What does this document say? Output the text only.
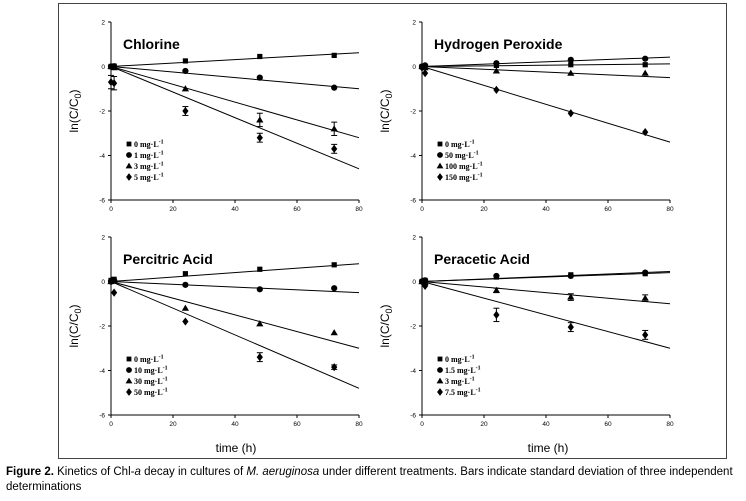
time (h)	time (h)
-6
-4
-2
0
2
0	20	40	60	80
Chlorine
$\ln(C/C_0)$
0 $mg\cdot L^{-1}$
1 $mg\cdot L^{-1}$
3 $mg\cdot L^{-1}$
5 $mg\cdot L^{-1}$
-6
-4
-2
0
2
0	20	40	60	80
Hydrogen Peroxide
$\ln(C/C_0)$
0 $mg\cdot L^{-1}$
50 $mg\cdot L^{-1}$
100 $mg\cdot L^{-1}$
150 $mg\cdot L^{-1}$
-6
-4
-2
0
2
0	20	40	60	80
Percitric Acid
$\ln(C/C_0)$
0 $mg\cdot L^{-1}$
10 $mg\cdot L^{-1}$
30 $mg\cdot L^{-1}$
50 $mg\cdot L^{-1}$
-6
-4
-2
0
2
0	20	40	60	80
Peracetic Acid
$\ln(C/C_0)$
0 $mg\cdot L^{-1}$
1.5 $mg\cdot L^{-1}$
3 $mg\cdot L^{-1}$
7.5 $mg\cdot L^{-1}$
Figure 2. Kinetics of Chl-a decay in cultures of M. aeruginosa under different treatments. Bars indicate standard deviation of three independent determinations
